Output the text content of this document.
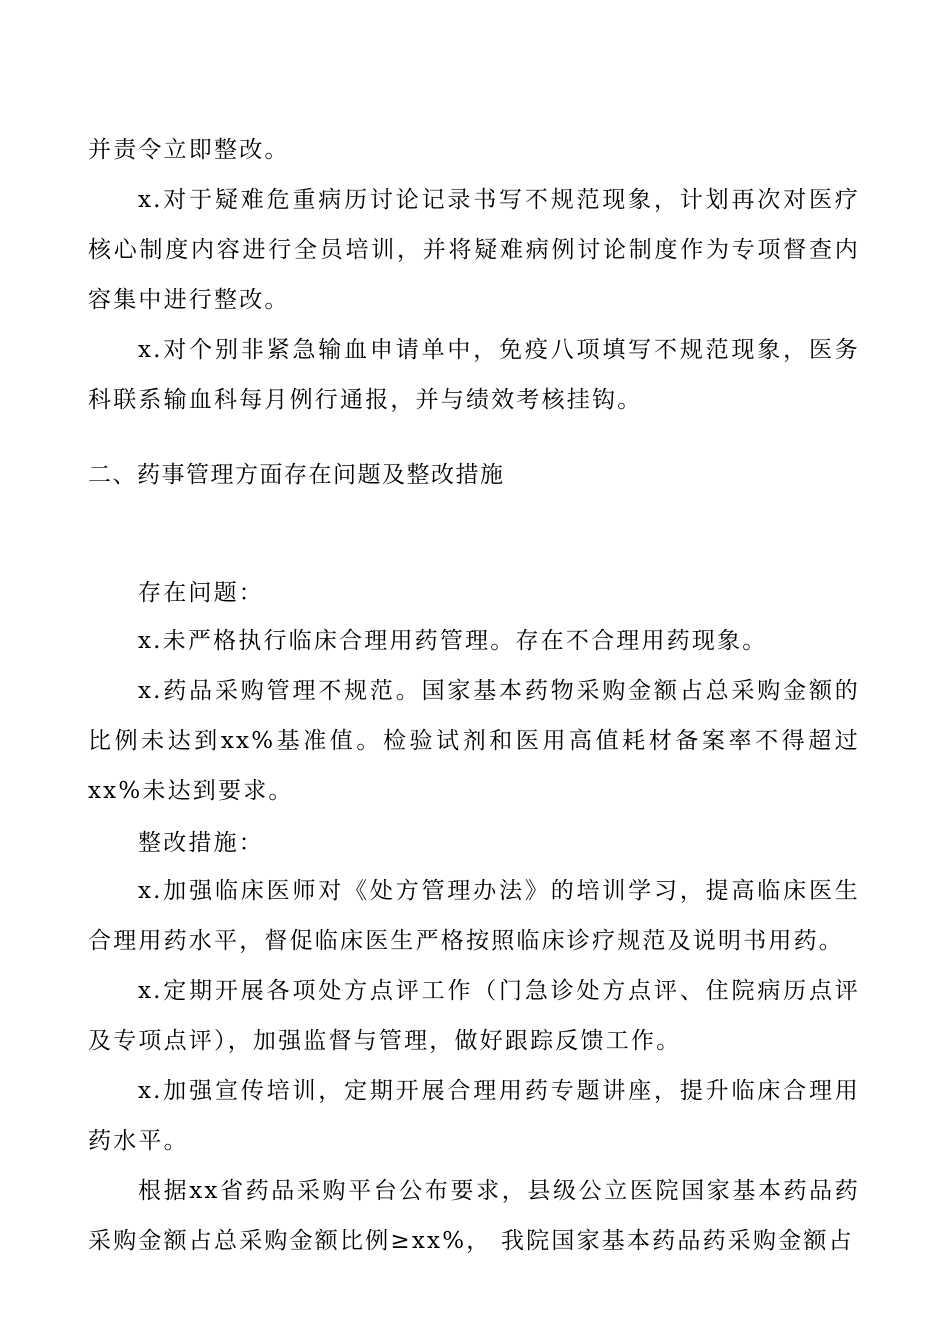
并责令立即整改。

x.对于疑难危重病历讨论记录书写不规范现象，计划再次对医疗核心制度内容进行全员培训，并将疑难病例讨论制度作为专项督查内容集中进行整改。

x.对个别非紧急输血申请单中，免疫八项填写不规范现象，医务科联系输血科每月例行通报，并与绩效考核挂钩。

二、药事管理方面存在问题及整改措施

存在问题：

x.未严格执行临床合理用药管理。存在不合理用药现象。

x.药品采购管理不规范。国家基本药物采购金额占总采购金额的比例未达到xx%基准值。检验试剂和医用高值耗材备案率不得超过xx%未达到要求。

整改措施：

x.加强临床医师对《处方管理办法》的培训学习，提高临床医生合理用药水平，督促临床医生严格按照临床诊疗规范及说明书用药。

x.定期开展各项处方点评工作（门急诊处方点评、住院病历点评及专项点评），加强监督与管理，做好跟踪反馈工作。

x.加强宣传培训，定期开展合理用药专题讲座，提升临床合理用药水平。

根据xx省药品采购平台公布要求，县级公立医院国家基本药品药采购金额占总采购金额比例≥xx%， 我院国家基本药品药采购金额占
